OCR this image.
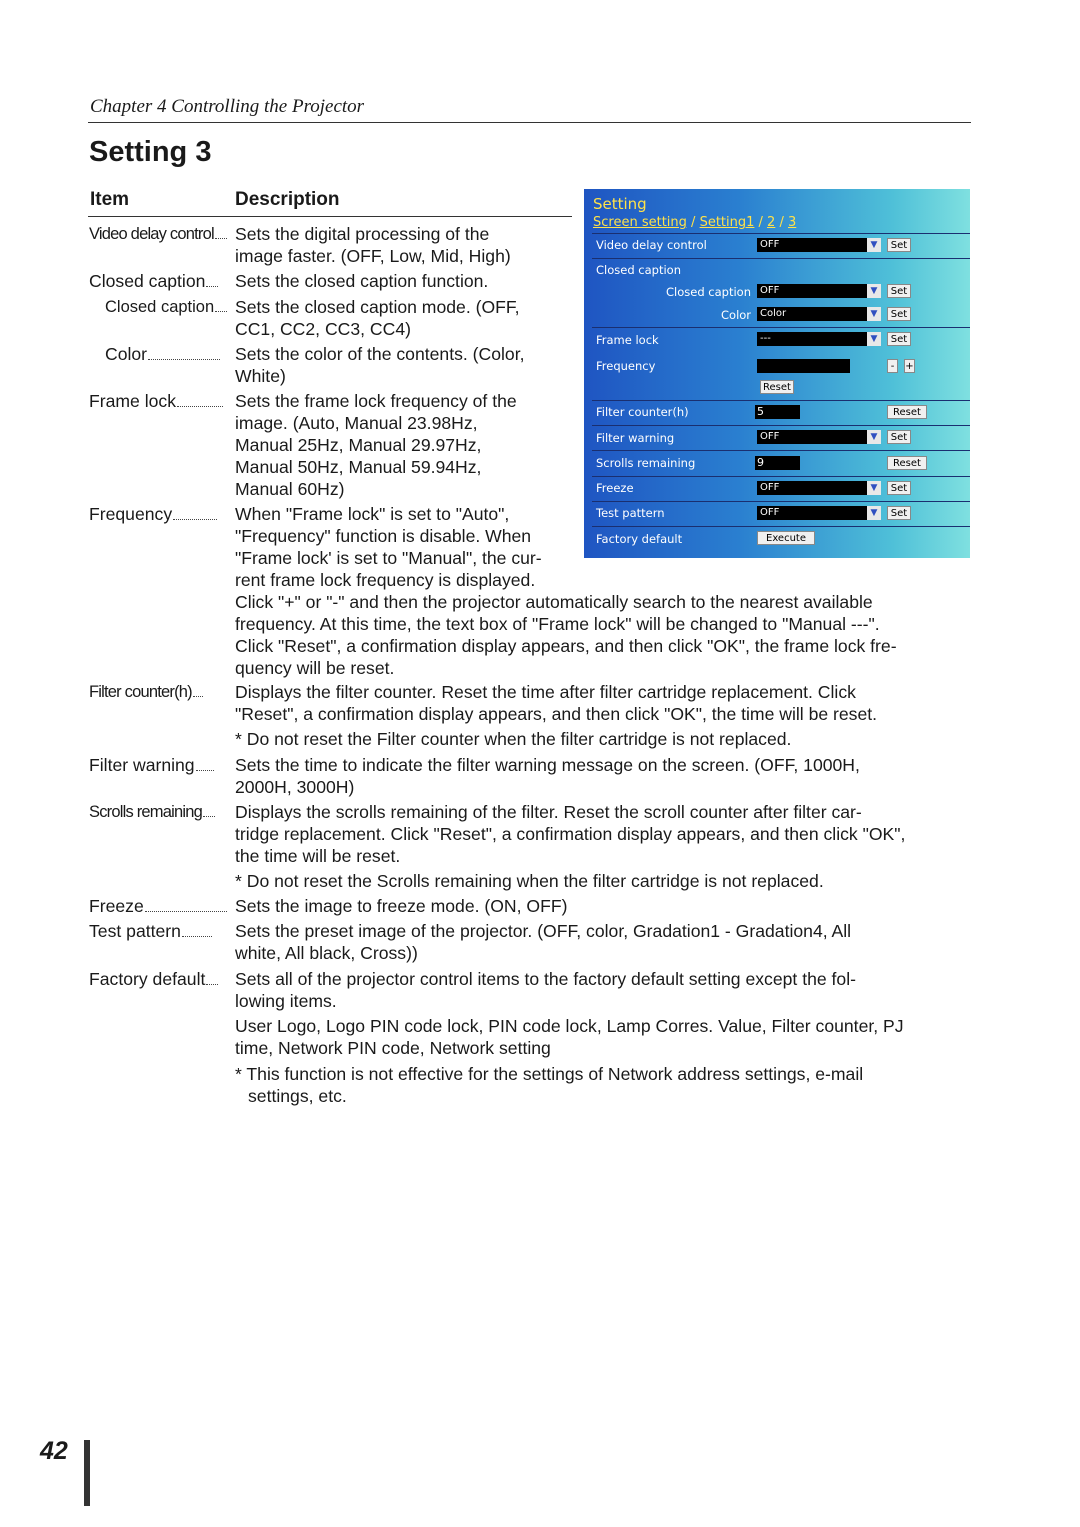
Chapter 4 Controlling the Projector
Setting 3
Item	Description
Video delay control Sets the digital processing of the
image faster. (OFF, Low, Mid, High)
Closed caption Sets the closed caption function.
Closed caption Sets the closed caption mode. (OFF,
CC1, CC2, CC3, CC4)
Color	Sets the color of the contents. (Color,
White)
Frame lock	Sets the frame lock frequency of the
image. (Auto, Manual 23.98Hz,
Manual 25Hz, Manual 29.97Hz,
Manual 50Hz, Manual 59.94Hz,
Manual 60Hz)
Frequency	When "Frame lock" is set to "Auto",
"Frequency" function is disable. When
"Frame lock' is set to "Manual", the cur-
rent frame lock frequency is displayed.
Click "+" or "-" and then the projector automatically search to the nearest available
frequency. At this time, the text box of "Frame lock" will be changed to "Manual ---".
Click "Reset", a confirmation display appears, and then click "OK", the frame lock fre-
quency will be reset.
Filter counter(h) Displays the filter counter. Reset the time after filter cartridge replacement. Click
"Reset", a confirmation display appears, and then click "OK", the time will be reset.
* Do not reset the Filter counter when the filter cartridge is not replaced.
Filter warning Sets the time to indicate the filter warning message on the screen. (OFF, 1000H,
2000H, 3000H)
Scrolls remaining Displays the scrolls remaining of the filter. Reset the scroll counter after filter car-
tridge replacement. Click "Reset", a confirmation display appears, and then click "OK",
the time will be reset.
* Do not reset the Scrolls remaining when the filter cartridge is not replaced.
Freeze	Sets the image to freeze mode. (ON, OFF)
Test pattern	Sets the preset image of the projector. (OFF, color, Gradation1 - Gradation4, All
white, All black, Cross))
Factory default Sets all of the projector control items to the factory default setting except the fol-
lowing items.
User Logo, Logo PIN code lock, PIN code lock, Lamp Corres. Value, Filter counter, PJ
time, Network PIN code, Network setting
* This function is not effective for the settings of Network address settings, e-mail
settings, etc.
Setting
Screen setting / Setting1 / 2 / 3
Video delay control	OFF	▼	Set
Closed caption
Closed caption OFF	▼	Set
Color Color	▼	Set
Frame lock	---	▼	Set
Frequency	-	+
Reset
Filter counter(h)	5	Reset
Filter warning	OFF	▼	Set
Scrolls remaining	9	Reset
Freeze	OFF	▼	Set
Test pattern	OFF	▼	Set
Factory default	Execute
42
